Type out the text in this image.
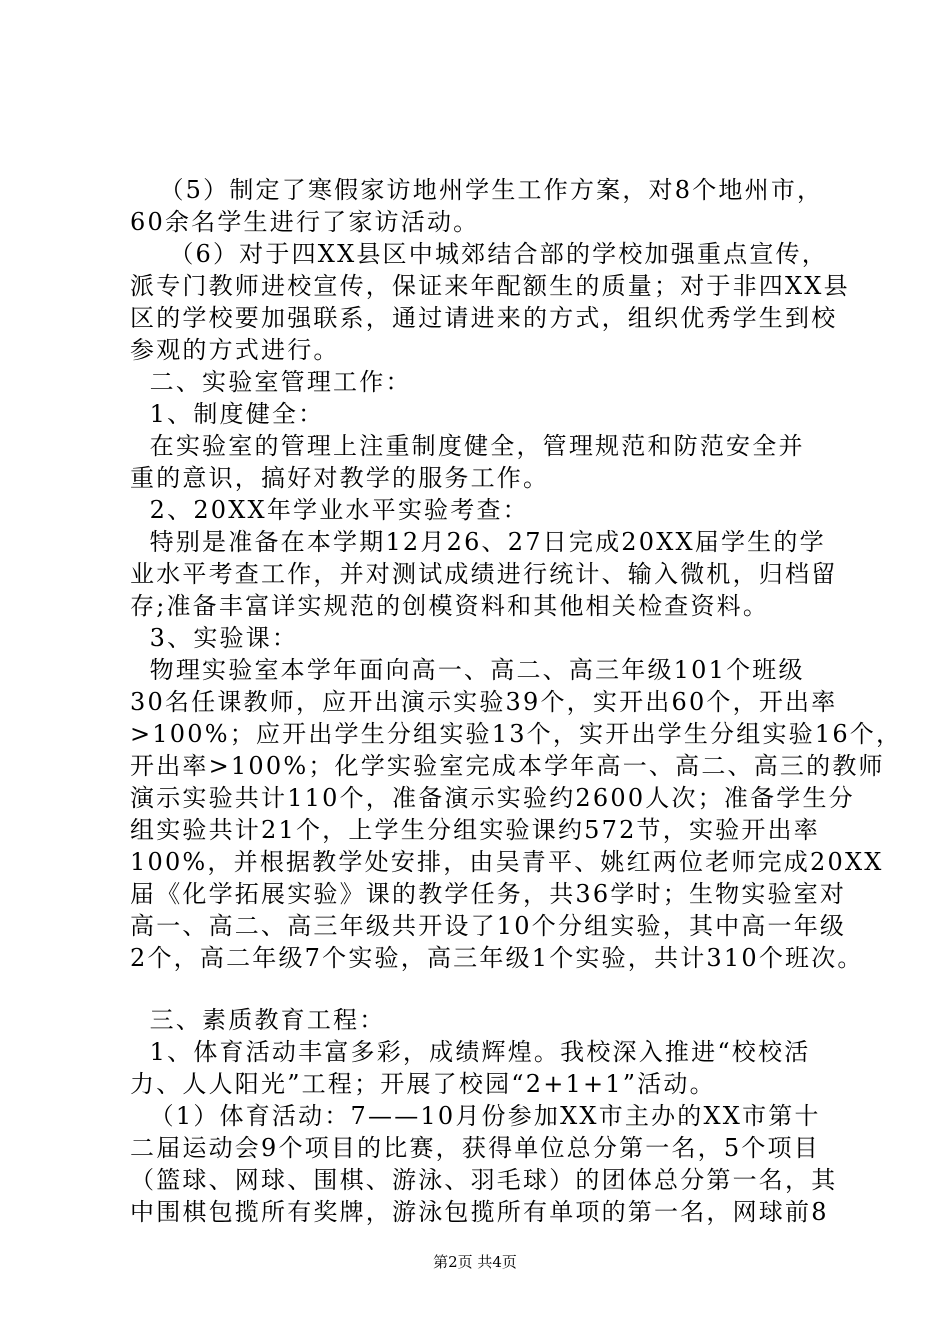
（5）制定了寒假家访地州学生工作方案，对8个地州市，
60余名学生进行了家访活动。
（6）对于四XX县区中城郊结合部的学校加强重点宣传，
派专门教师进校宣传，保证来年配额生的质量；对于非四XX县
区的学校要加强联系，通过请进来的方式，组织优秀学生到校
参观的方式进行。
二、实验室管理工作：
1、制度健全：
在实验室的管理上注重制度健全，管理规范和防范安全并
重的意识，搞好对教学的服务工作。
2、20XX年学业水平实验考查：
特别是准备在本学期12月26、27日完成20XX届学生的学
业水平考查工作，并对测试成绩进行统计、输入微机，归档留
存;准备丰富详实规范的创模资料和其他相关检查资料。
3、实验课：
物理实验室本学年面向高一、高二、高三年级101个班级
30名任课教师，应开出演示实验39个，实开出60个，开出率
>100%；应开出学生分组实验13个，实开出学生分组实验16个，
开出率>100%；化学实验室完成本学年高一、高二、高三的教师
演示实验共计110个，准备演示实验约2600人次；准备学生分
组实验共计21个，上学生分组实验课约572节，实验开出率
100%，并根据教学处安排，由吴青平、姚红两位老师完成20XX
届《化学拓展实验》课的教学任务，共36学时；生物实验室对
高一、高二、高三年级共开设了10个分组实验，其中高一年级
2个，高二年级7个实验，高三年级1个实验，共计310个班次。
三、素质教育工程：
1、体育活动丰富多彩，成绩辉煌。我校深入推进“校校活
力、人人阳光”工程；开展了校园“2+1+1”活动。
（1）体育活动：7——10月份参加XX市主办的XX市第十
二届运动会9个项目的比赛，获得单位总分第一名，5个项目
（篮球、网球、围棋、游泳、羽毛球）的团体总分第一名，其
中围棋包揽所有奖牌，游泳包揽所有单项的第一名，网球前8
第2页 共4页
